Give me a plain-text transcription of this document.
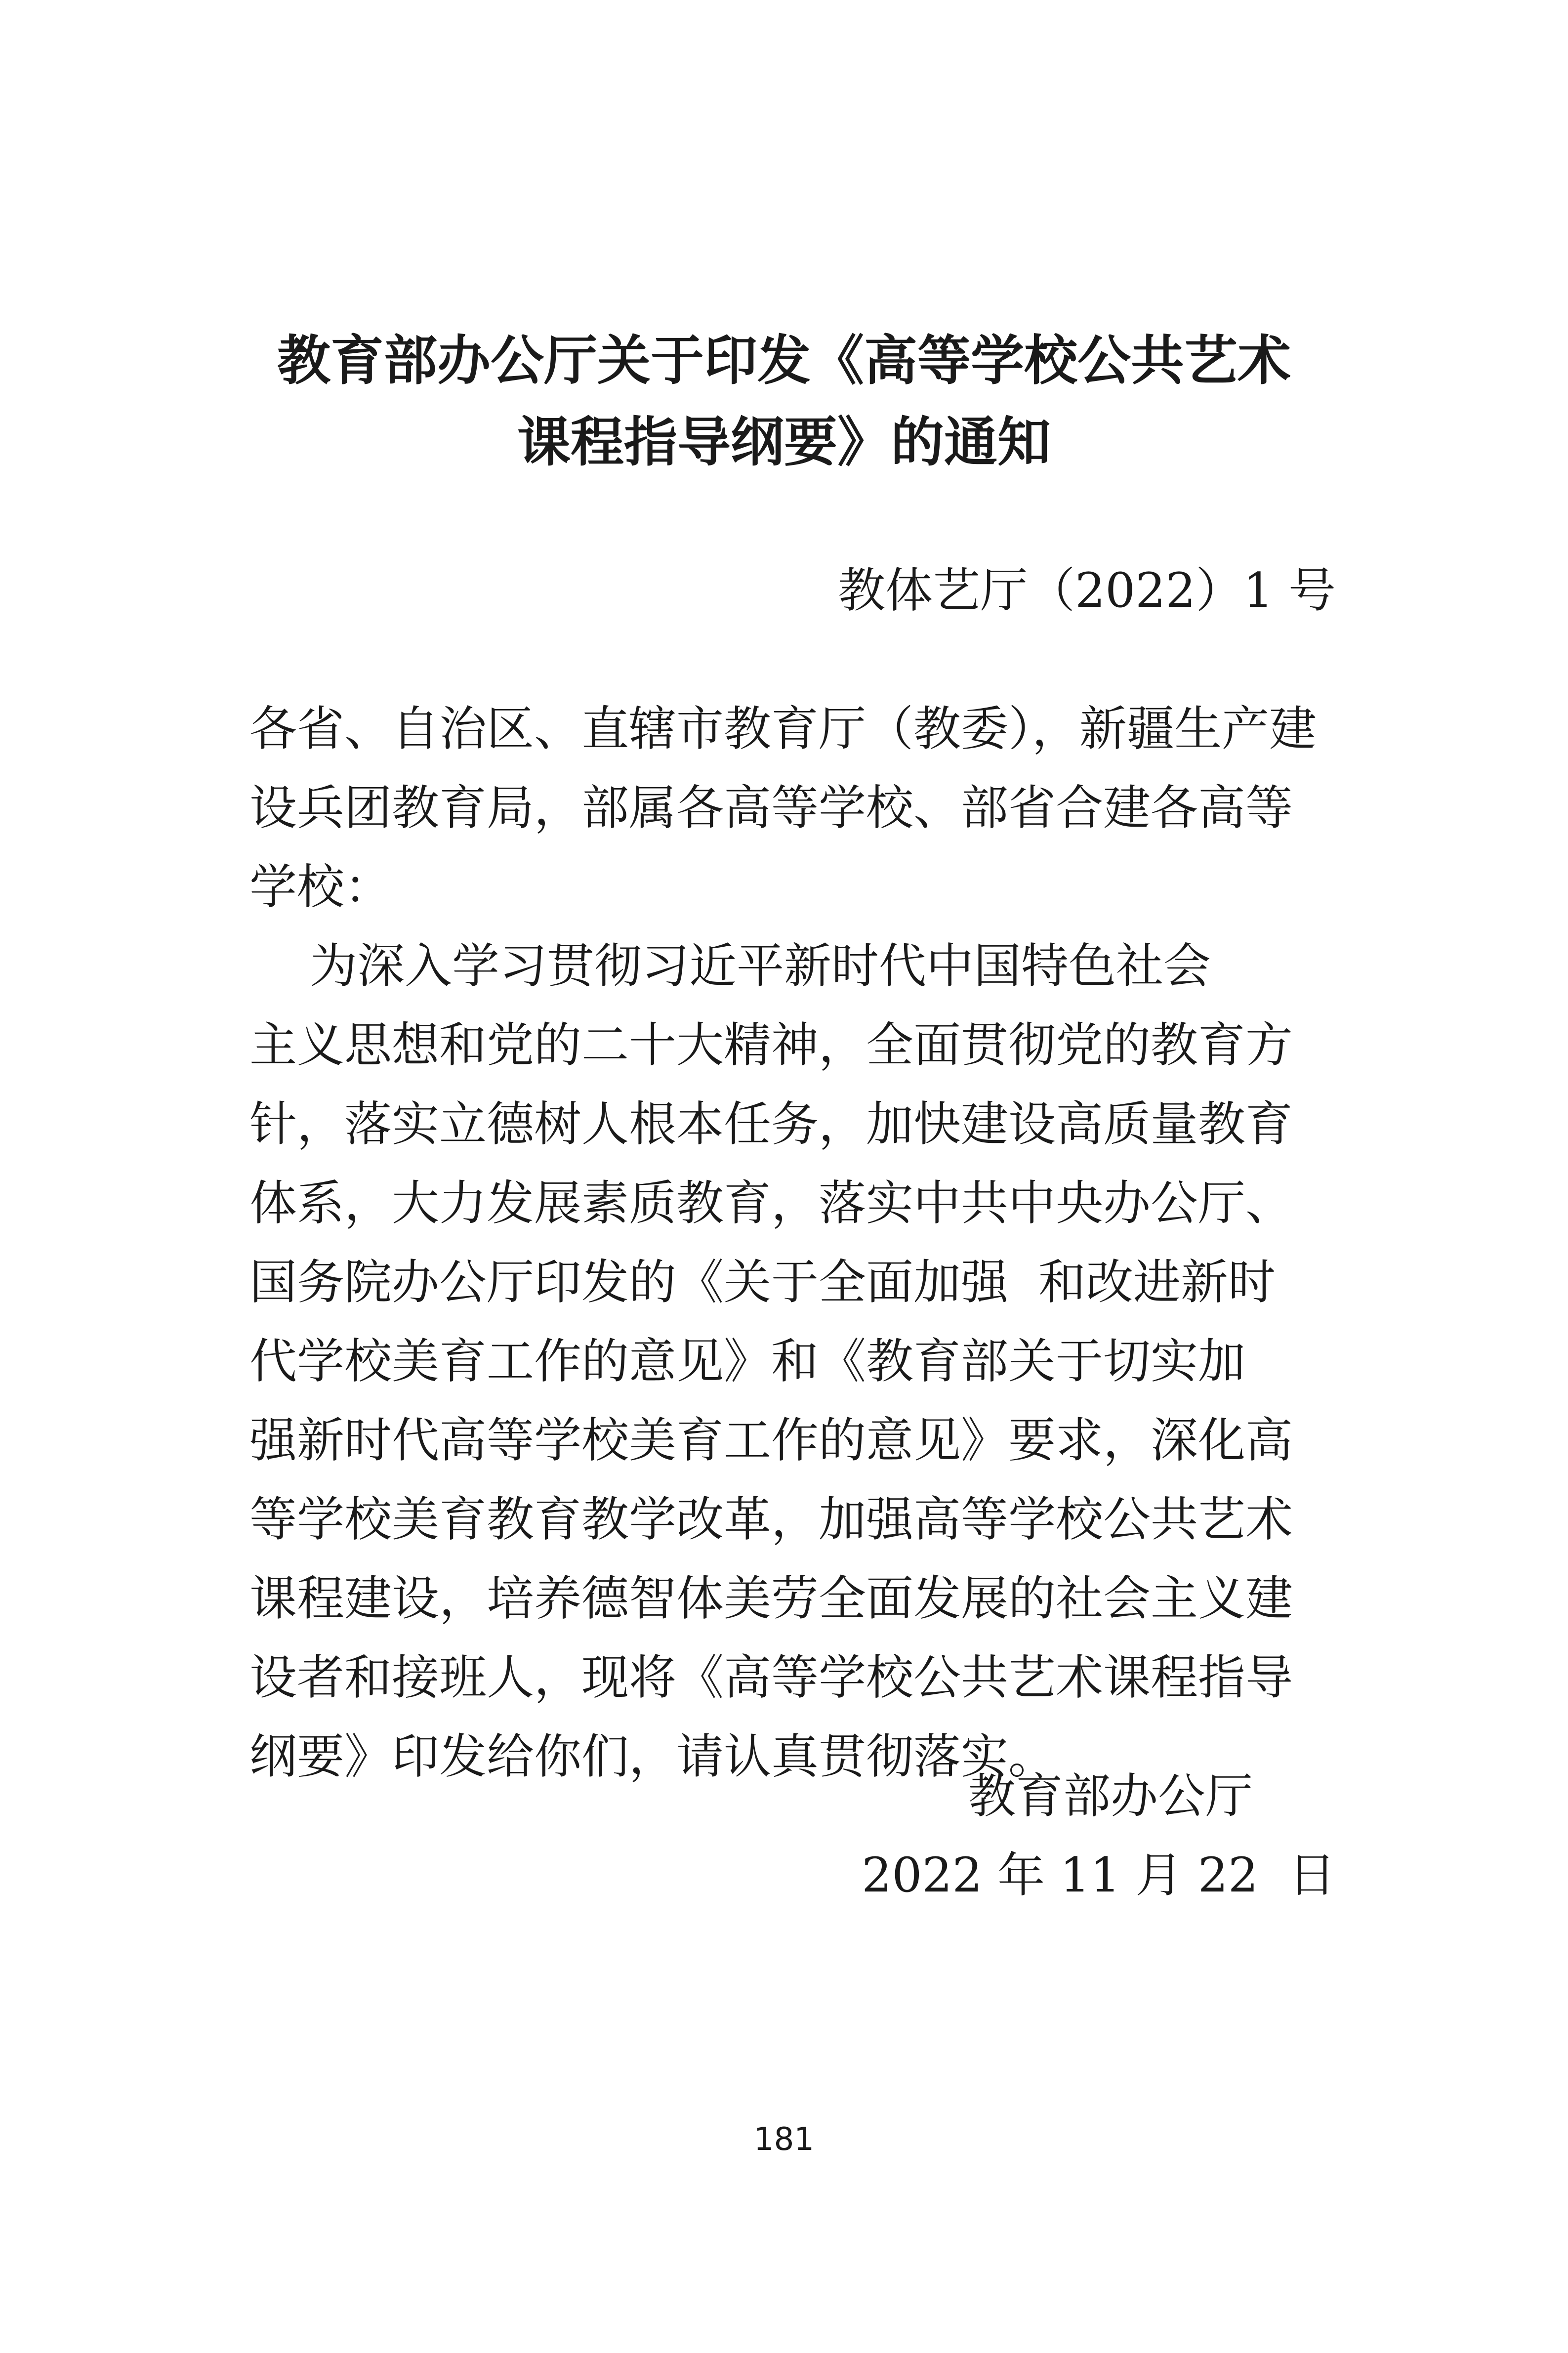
教育部办公厅关于印发《高等学校公共艺术
课程指导纲要》的通知
教体艺厅（2022）1 号
各省、自治区、直辖市教育厅（教委），新疆生产建
设兵团教育局，部属各高等学校、部省合建各高等
学校：
为深入学习贯彻习近平新时代中国特色社会
主义思想和党的二十大精神，全面贯彻党的教育方
针，落实立德树人根本任务，加快建设高质量教育
体系，大力发展素质教育，落实中共中央办公厅、
国务院办公厅印发的《关于全面加强  和改进新时
代学校美育工作的意见》和《教育部关于切实加
强新时代高等学校美育工作的意见》要求，深化高
等学校美育教育教学改革，加强高等学校公共艺术
课程建设，培养德智体美劳全面发展的社会主义建
设者和接班人，现将《高等学校公共艺术课程指导
纲要》印发给你们，请认真贯彻落实。
教育部办公厅
2022 年 11 月 22  日
181
